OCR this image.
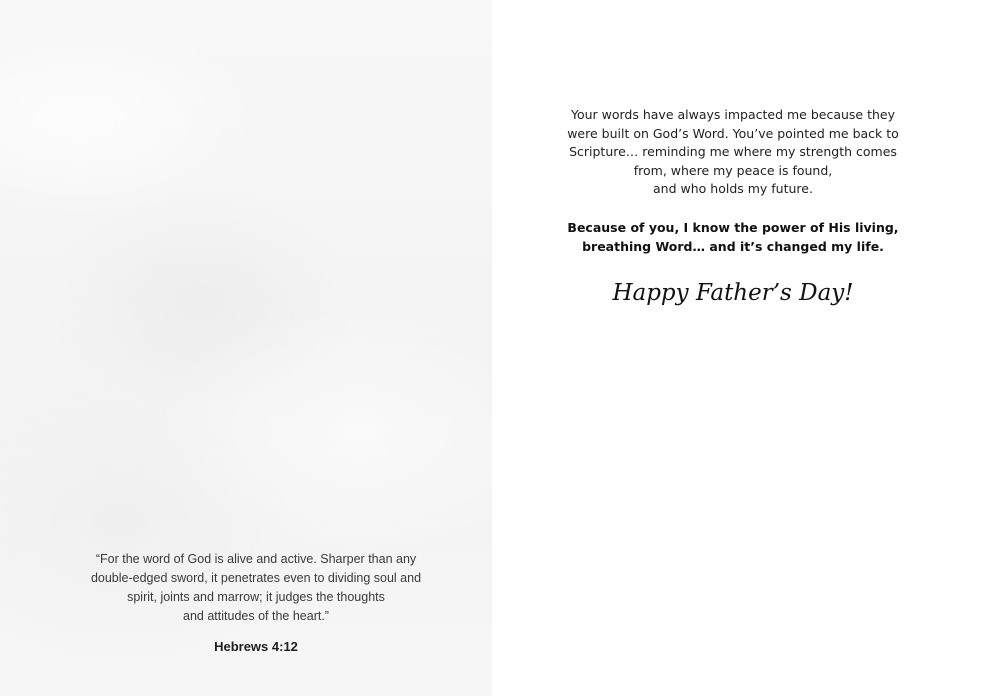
“For the word of God is alive and active. Sharper than any
double-edged sword, it penetrates even to dividing soul and
spirit, joints and marrow; it judges the thoughts
and attitudes of the heart.”
Hebrews 4:12
Your words have always impacted me because they
were built on God’s Word. You’ve pointed me back to
Scripture… reminding me where my strength comes
from, where my peace is found,
and who holds my future.
Because of you, I know the power of His living,
breathing Word… and it’s changed my life.
Happy Father’s Day!
